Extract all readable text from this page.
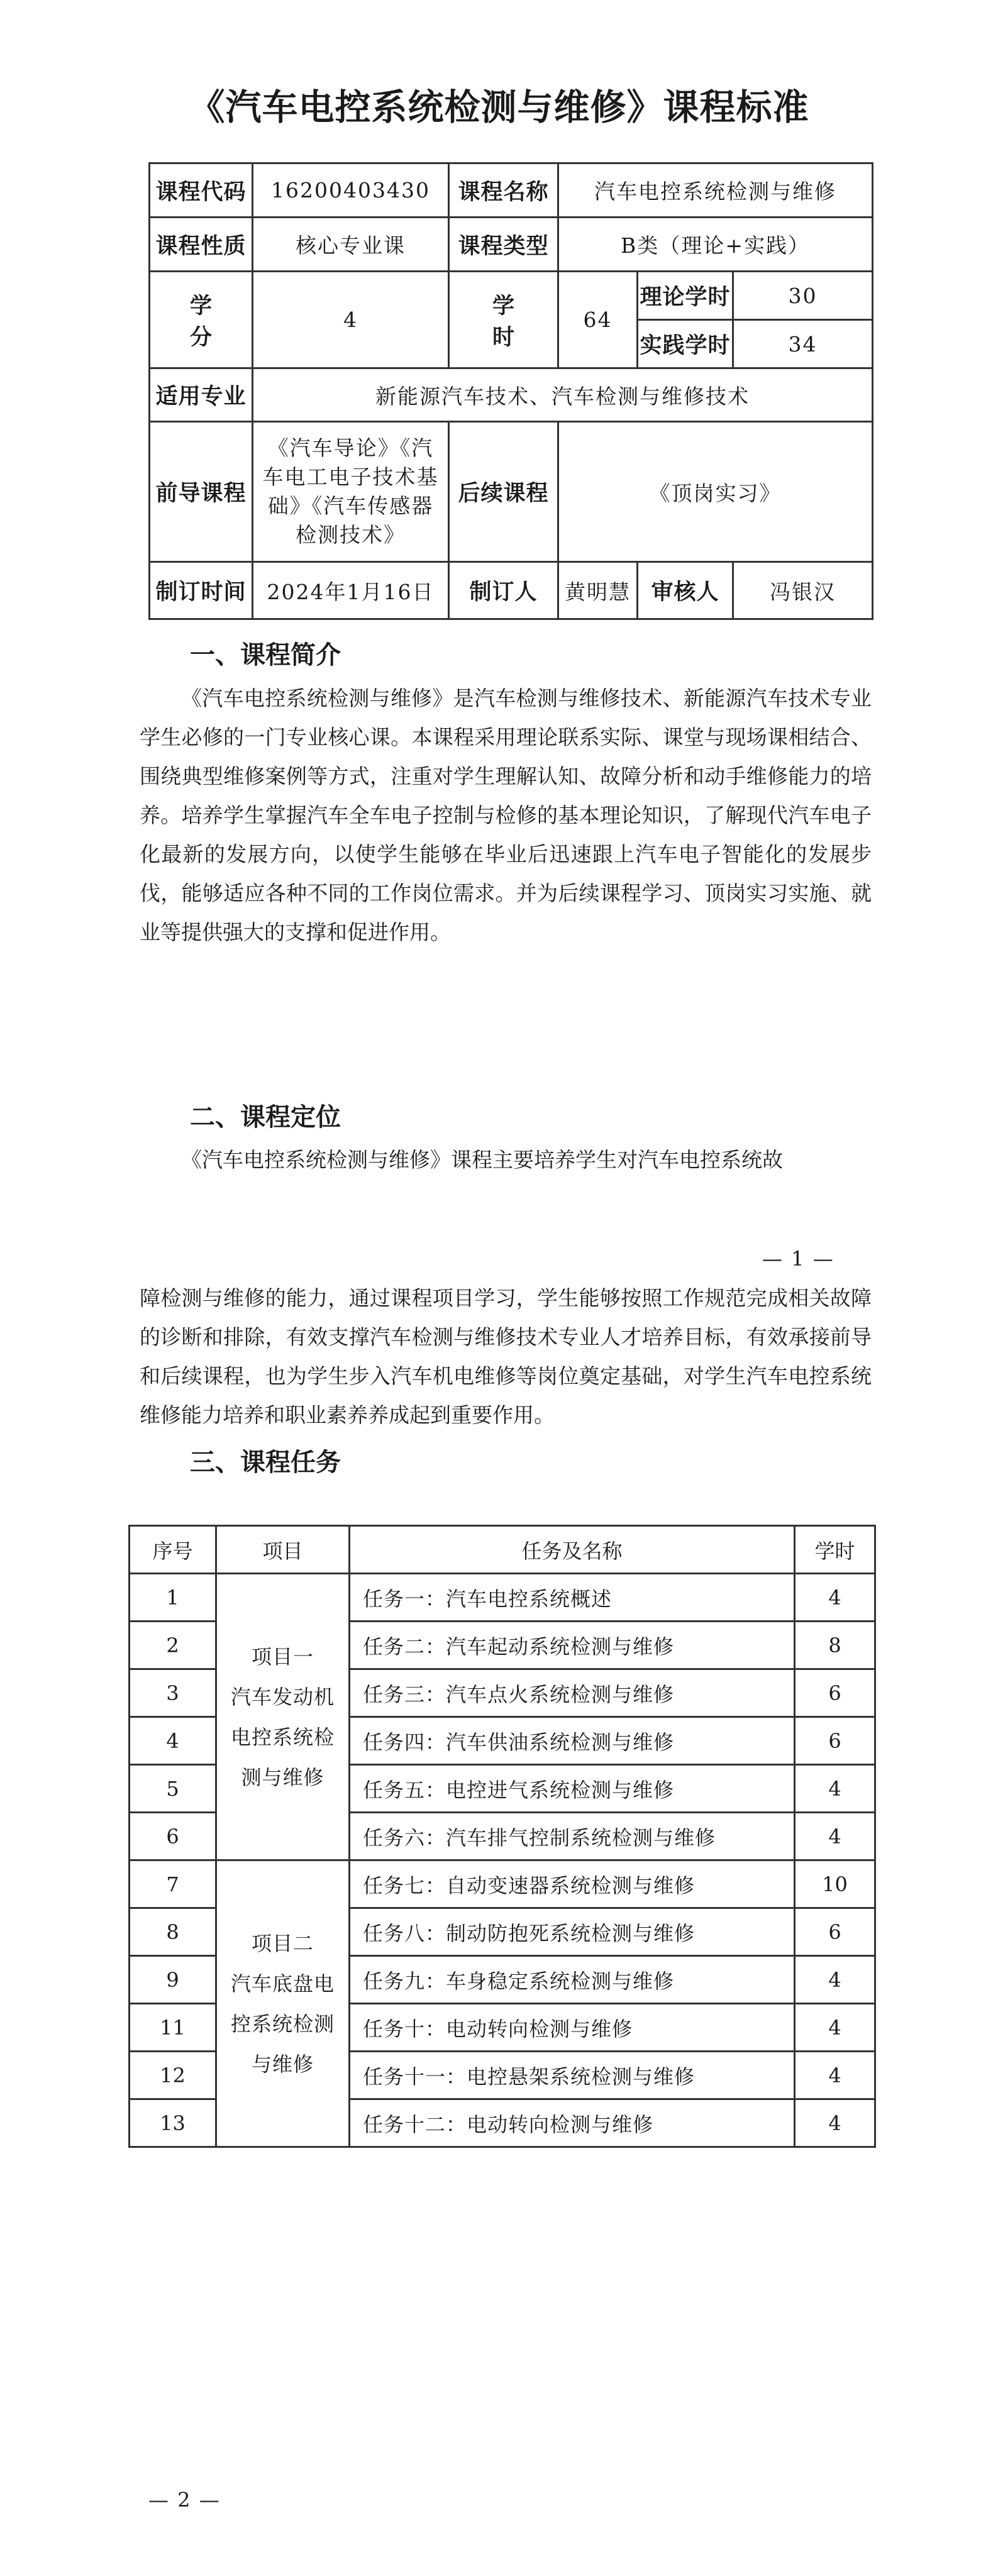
《汽车电控系统检测与维修》课程标准
课程代码	16200403430	课程名称	汽车电控系统检测与维修		
课程性质	核心专业课	课程类型	B类（理论+实践）		
学分	4	学时	64	理论学时	30
				实践学时	34
适用专业	新能源汽车技术、汽车检测与维修技术				
前导课程	《汽车导论》《汽车电工电子技术基础》《汽车传感器检测技术》	后续课程	《顶岗实习》		
制订时间	2024年1月16日	制订人	黄明慧	审核人	冯银汉
一、课程简介

《汽车电控系统检测与维修》是汽车检测与维修技术、新能源汽车技术专业学生必修的一门专业核心课。本课程采用理论联系实际、课堂与现场课相结合、围绕典型维修案例等方式，注重对学生理解认知、故障分析和动手维修能力的培养。培养学生掌握汽车全车电子控制与检修的基本理论知识，了解现代汽车电子化最新的发展方向，以使学生能够在毕业后迅速跟上汽车电子智能化的发展步伐，能够适应各种不同的工作岗位需求。并为后续课程学习、顶岗实习实施、就业等提供强大的支撑和促进作用。

二、课程定位

《汽车电控系统检测与维修》课程主要培养学生对汽车电控系统故

— 1 —

障检测与维修的能力，通过课程项目学习，学生能够按照工作规范完成相关故障的诊断和排除，有效支撑汽车检测与维修技术专业人才培养目标，有效承接前导和后续课程，也为学生步入汽车机电维修等岗位奠定基础，对学生汽车电控系统维修能力培养和职业素养养成起到重要作用。

三、课程任务
序号	项目	任务及名称	学时
1	项目一
汽车发动机
电控系统检
测与维修	任务一：汽车电控系统概述	4
2		任务二：汽车起动系统检测与维修	8
3		任务三：汽车点火系统检测与维修	6
4		任务四：汽车供油系统检测与维修	6
5		任务五：电控进气系统检测与维修	4
6		任务六：汽车排气控制系统检测与维修	4
7	项目二
汽车底盘电
控系统检测
与维修	任务七：自动变速器系统检测与维修	10
8		任务八：制动防抱死系统检测与维修	6
9		任务九：车身稳定系统检测与维修	4
11		任务十：电动转向检测与维修	4
12		任务十一：电控悬架系统检测与维修	4
13		任务十二：电动转向检测与维修	4
— 2 —
